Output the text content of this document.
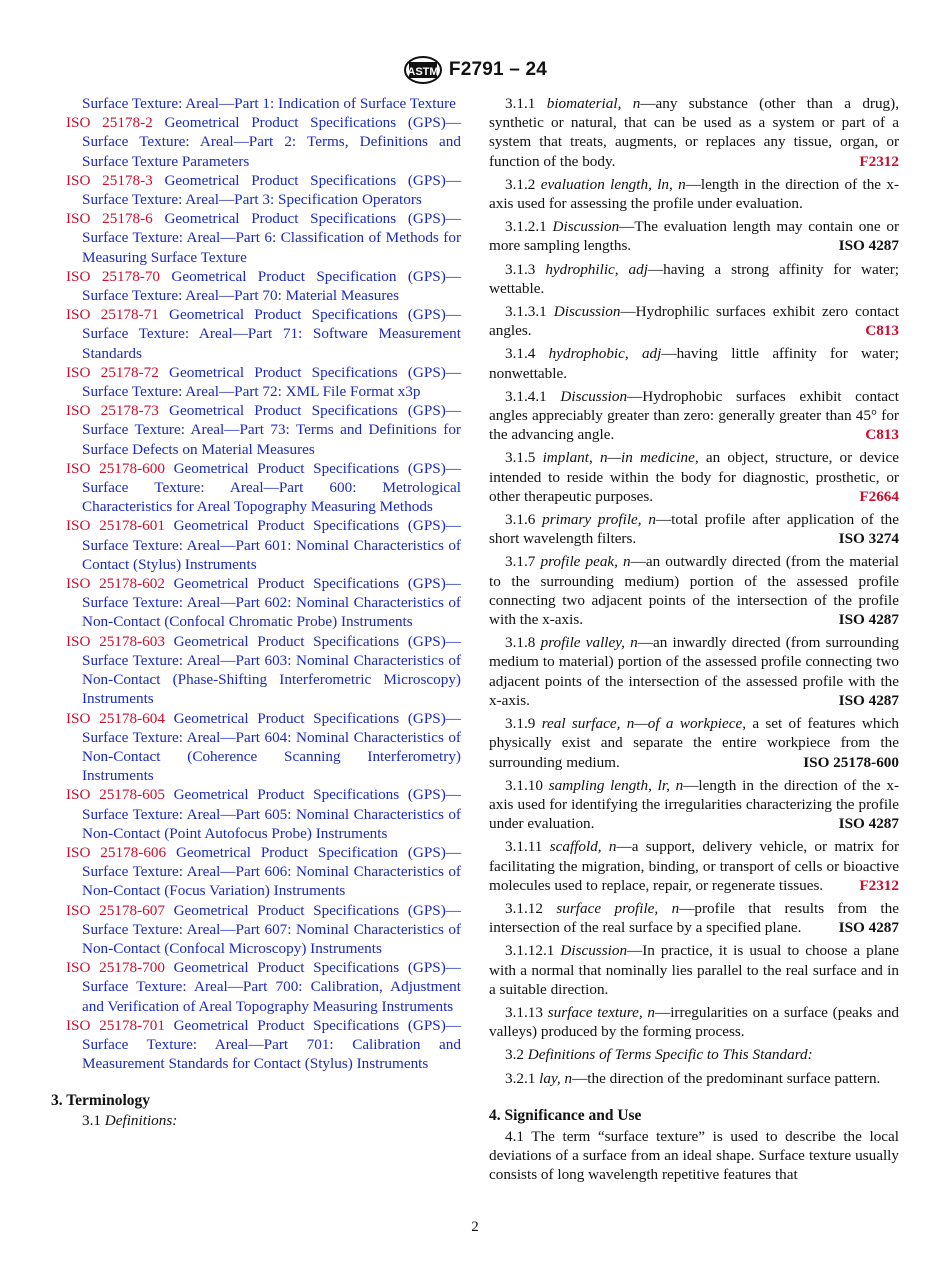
ASTM F2791 – 24
Surface Texture: Areal—Part 1: Indication of Surface Texture
ISO 25178-2 Geometrical Product Specifications (GPS)—Surface Texture: Areal—Part 2: Terms, Definitions and Surface Texture Parameters
ISO 25178-3 Geometrical Product Specifications (GPS)—Surface Texture: Areal—Part 3: Specification Operators
ISO 25178-6 Geometrical Product Specifications (GPS)—Surface Texture: Areal—Part 6: Classification of Methods for Measuring Surface Texture
ISO 25178-70 Geometrical Product Specification (GPS)—Surface Texture: Areal—Part 70: Material Measures
ISO 25178-71 Geometrical Product Specifications (GPS)—Surface Texture: Areal—Part 71: Software Measurement Standards
ISO 25178-72 Geometrical Product Specifications (GPS)—Surface Texture: Areal—Part 72: XML File Format x3p
ISO 25178-73 Geometrical Product Specifications (GPS)—Surface Texture: Areal—Part 73: Terms and Definitions for Surface Defects on Material Measures
ISO 25178-600 Geometrical Product Specifications (GPS)—Surface Texture: Areal—Part 600: Metrological Characteristics for Areal Topography Measuring Methods
ISO 25178-601 Geometrical Product Specifications (GPS)—Surface Texture: Areal—Part 601: Nominal Characteristics of Contact (Stylus) Instruments
ISO 25178-602 Geometrical Product Specifications (GPS)—Surface Texture: Areal—Part 602: Nominal Characteristics of Non-Contact (Confocal Chromatic Probe) Instruments
ISO 25178-603 Geometrical Product Specifications (GPS)—Surface Texture: Areal—Part 603: Nominal Characteristics of Non-Contact (Phase-Shifting Interferometric Microscopy) Instruments
ISO 25178-604 Geometrical Product Specifications (GPS)—Surface Texture: Areal—Part 604: Nominal Characteristics of Non-Contact (Coherence Scanning Interferometry) Instruments
ISO 25178-605 Geometrical Product Specifications (GPS)—Surface Texture: Areal—Part 605: Nominal Characteristics of Non-Contact (Point Autofocus Probe) Instruments
ISO 25178-606 Geometrical Product Specification (GPS)—Surface Texture: Areal—Part 606: Nominal Characteristics of Non-Contact (Focus Variation) Instruments
ISO 25178-607 Geometrical Product Specifications (GPS)—Surface Texture: Areal—Part 607: Nominal Characteristics of Non-Contact (Confocal Microscopy) Instruments
ISO 25178-700 Geometrical Product Specifications (GPS)—Surface Texture: Areal—Part 700: Calibration, Adjustment and Verification of Areal Topography Measuring Instruments
ISO 25178-701 Geometrical Product Specifications (GPS)—Surface Texture: Areal—Part 701: Calibration and Measurement Standards for Contact (Stylus) Instruments
3. Terminology
3.1 Definitions:
3.1.1 biomaterial, n—any substance (other than a drug), synthetic or natural, that can be used as a system or part of a system that treats, augments, or replaces any tissue, organ, or function of the body.	F2312
3.1.2 evaluation length, ln, n—length in the direction of the x-axis used for assessing the profile under evaluation.
3.1.2.1 Discussion—The evaluation length may contain one or more sampling lengths.	ISO 4287
3.1.3 hydrophilic, adj—having a strong affinity for water; wettable.
3.1.3.1 Discussion—Hydrophilic surfaces exhibit zero contact angles.	C813
3.1.4 hydrophobic, adj—having little affinity for water; nonwettable.
3.1.4.1 Discussion—Hydrophobic surfaces exhibit contact angles appreciably greater than zero: generally greater than 45° for the advancing angle.	C813
3.1.5 implant, n—in medicine, an object, structure, or device intended to reside within the body for diagnostic, prosthetic, or other therapeutic purposes.	F2664
3.1.6 primary profile, n—total profile after application of the short wavelength filters.	ISO 3274
3.1.7 profile peak, n—an outwardly directed (from the material to the surrounding medium) portion of the assessed profile connecting two adjacent points of the intersection of the profile with the x-axis.	ISO 4287
3.1.8 profile valley, n—an inwardly directed (from surrounding medium to material) portion of the assessed profile connecting two adjacent points of the intersection of the assessed profile with the x-axis.	ISO 4287
3.1.9 real surface, n—of a workpiece, a set of features which physically exist and separate the entire workpiece from the surrounding medium.	ISO 25178-600
3.1.10 sampling length, lr, n—length in the direction of the x-axis used for identifying the irregularities characterizing the profile under evaluation.	ISO 4287
3.1.11 scaffold, n—a support, delivery vehicle, or matrix for facilitating the migration, binding, or transport of cells or bioactive molecules used to replace, repair, or regenerate tissues.	F2312
3.1.12 surface profile, n—profile that results from the intersection of the real surface by a specified plane.	ISO 4287
3.1.12.1 Discussion—In practice, it is usual to choose a plane with a normal that nominally lies parallel to the real surface and in a suitable direction.
3.1.13 surface texture, n—irregularities on a surface (peaks and valleys) produced by the forming process.
3.2 Definitions of Terms Specific to This Standard:
3.2.1 lay, n—the direction of the predominant surface pattern.
4. Significance and Use
4.1 The term “surface texture” is used to describe the local deviations of a surface from an ideal shape. Surface texture usually consists of long wavelength repetitive features that
2
